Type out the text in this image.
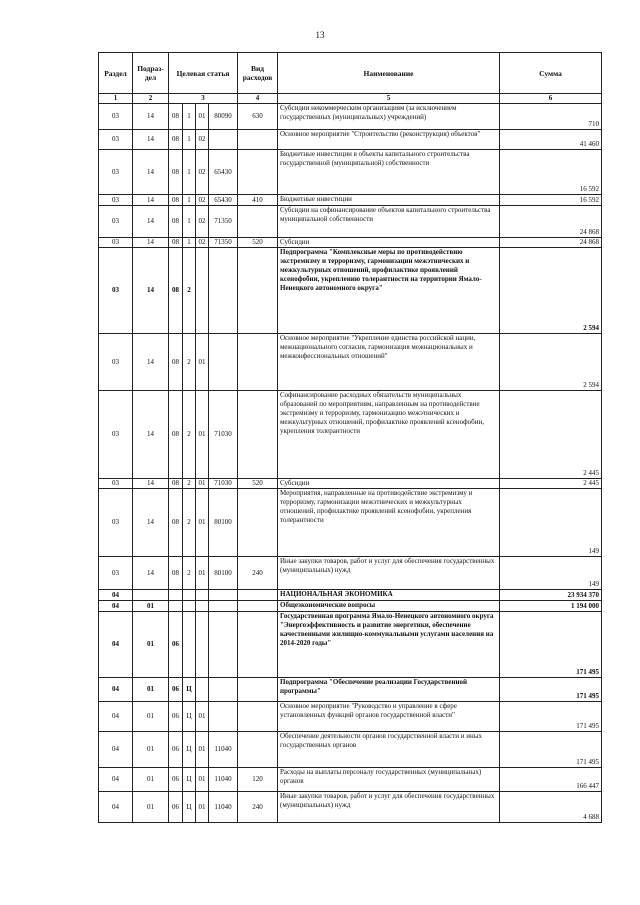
13
Раздел	Подраз-дел	Целевая статья				Вид расходов	Наименование	Сумма
1	2	3				4	5	6
03	14	08	1	01	80090	630	Субсидии некоммерческим организациям (за исключением государственных (муниципальных) учреждений)	710
03	14	08	1	02			Основное мероприятие "Строительство (реконструкция) объектов"	41 460
03	14	08	1	02	65430		Бюджетные инвестиции в объекты капитального строительства государственной (муниципальной) собственности	16 592
03	14	08	1	02	65430	410	Бюджетные инвестиции	16 592
03	14	08	1	02	71350		Субсидии на софинансирование объектов капитального строительства муниципальной собственности	24 868
03	14	08	1	02	71350	520	Субсидии	24 868
03	14	08	2				Подпрограмма "Комплексные меры по противодействию экстремизму и терроризму, гармонизации межэтнических и межкультурных отношений, профилактике проявлений ксенофобии, укреплению толерантности на территории Ямало-Ненецкого автономного округа"	2 594
03	14	08	2	01			Основное мероприятие "Укрепление единства российской нации, межнационального согласия, гармонизация межнациональных и межконфессиональных отношений"	2 594
03	14	08	2	01	71030		Софинансирование расходных обязательств муниципальных образований по мероприятиям, направленным на противодействие экстремизму и терроризму, гармонизацию межэтнических и межкультурных отношений, профилактике проявлений ксенофобии, укрепления толерантности	2 445
03	14	08	2	01	71030	520	Субсидии	2 445
03	14	08	2	01	80100		Мероприятия, направленные на противодействие экстремизму и терроризму, гармонизации межэтнических и межкультурных отношений, профилактике проявлений ксенофобии, укрепления толерантности	149
03	14	08	2	01	80100	240	Иные закупки товаров, работ и услуг для обеспечения государственных (муниципальных) нужд	149
04							НАЦИОНАЛЬНАЯ ЭКОНОМИКА	23 934 370
04	01						Общеэкономические вопросы	1 194 000
04	01	06					Государственная программа Ямало-Ненецкого автономного округа "Энергоэффективность и развитие энергетики, обеспечение качественными жилищно-коммунальными услугами населения на 2014-2020 годы"	171 495
04	01	06	Ц				Подпрограмма "Обеспечение реализации Государственной программы"	171 495
04	01	06	Ц	01			Основное мероприятие "Руководство и управление в сфере установленных функций органов государственной власти"	171 495
04	01	06	Ц	01	11040		Обеспечение деятельности органов государственной власти и иных государственных органов	171 495
04	01	06	Ц	01	11040	120	Расходы на выплаты персоналу государственных (муниципальных) органов	166 447
04	01	06	Ц	01	11040	240	Иные закупки товаров, работ и услуг для обеспечения государственных (муниципальных) нужд	4 688
